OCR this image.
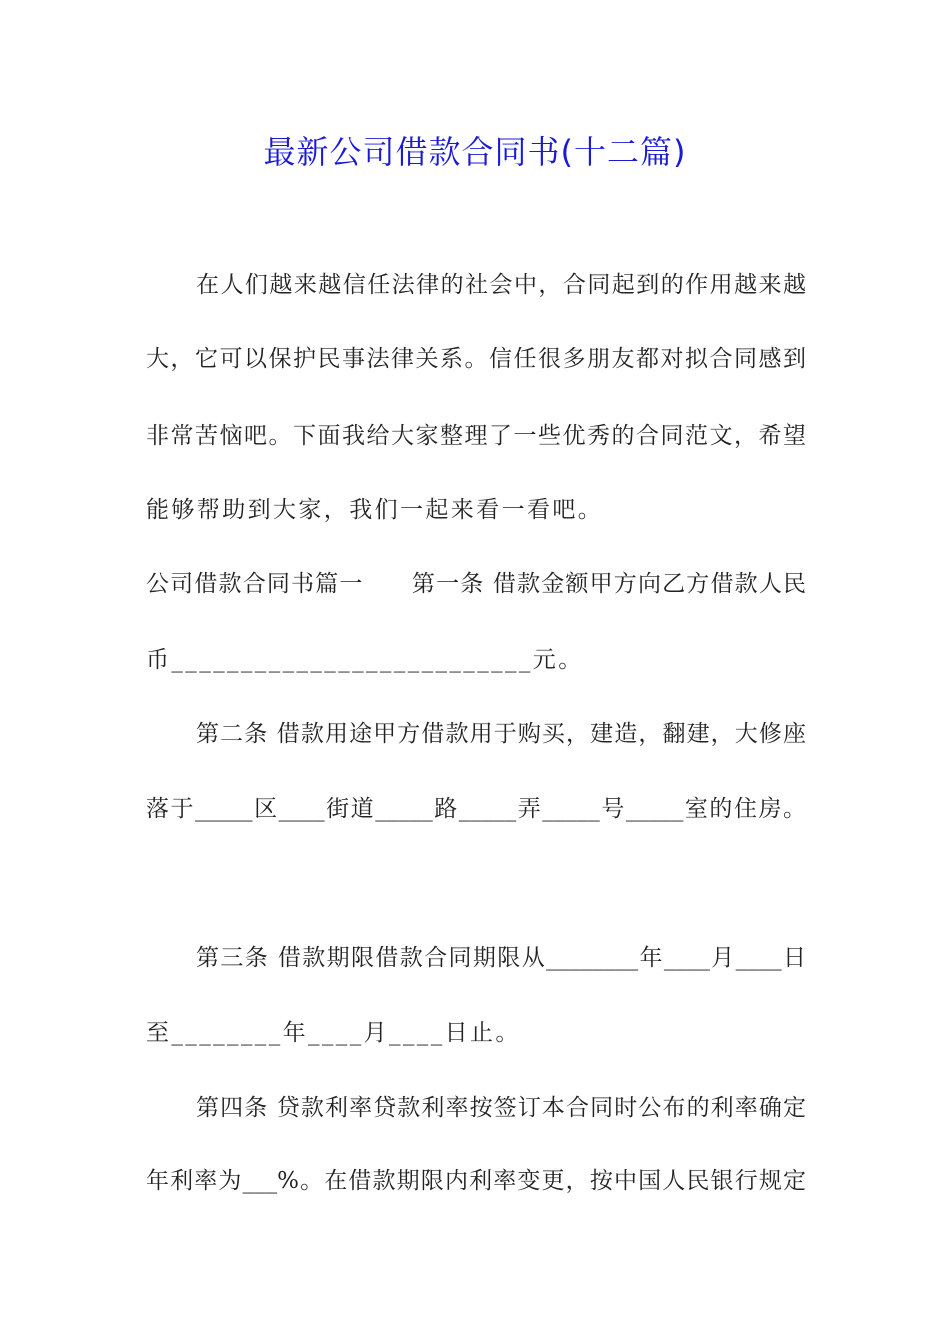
最新公司借款合同书(十二篇)
在人们越来越信任法律的社会中，合同起到的作用越来越
大，它可以保护民事法律关系。信任很多朋友都对拟合同感到
非常苦恼吧。下面我给大家整理了一些优秀的合同范文，希望
能够帮助到大家，我们一起来看一看吧。
公司借款合同书篇一　　第一条 借款金额甲方向乙方借款人民
币__________________________元。
第二条 借款用途甲方借款用于购买，建造，翻建，大修座
落于_____区____街道_____路_____弄_____号_____室的住房。
第三条 借款期限借款合同期限从________年____月____日
至________年____月____日止。
第四条 贷款利率贷款利率按签订本合同时公布的利率确定
年利率为___%。在借款期限内利率变更，按中国人民银行规定
